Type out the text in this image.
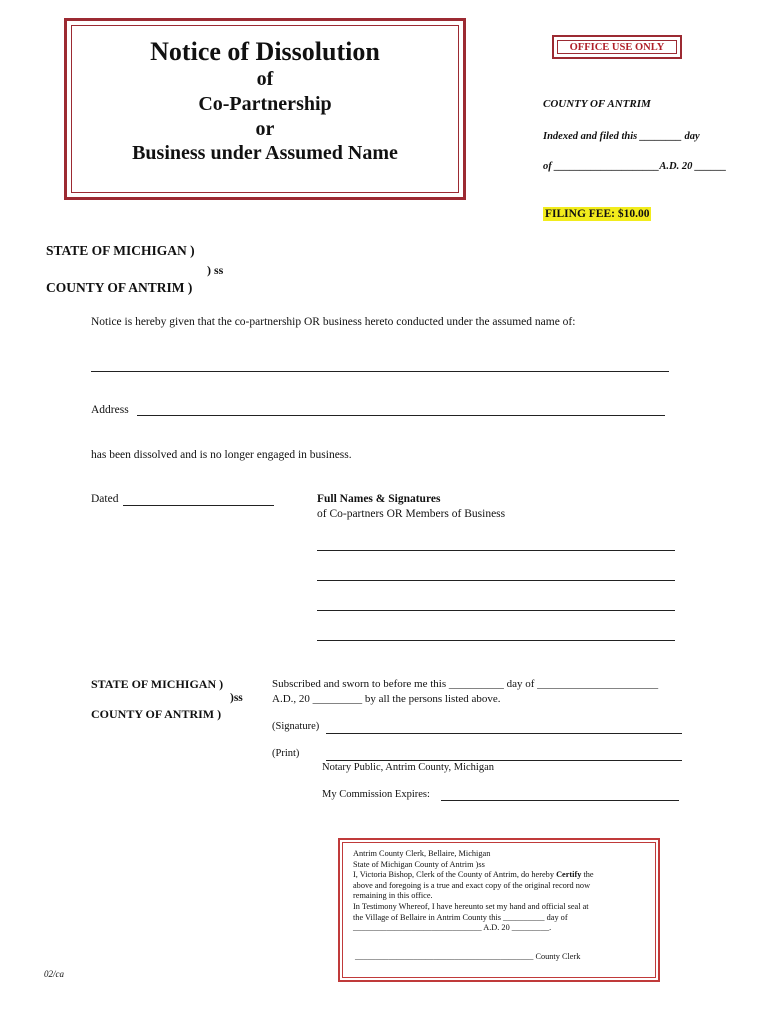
Notice of Dissolution
of
Co-Partnership
or
Business under Assumed Name
OFFICE USE ONLY
COUNTY OF ANTRIM
Indexed and filed this ________ day
of ____________________A.D. 20 ______
FILING FEE: $10.00
STATE OF MICHIGAN )
) ss
COUNTY OF ANTRIM )
Notice is hereby given that the co-partnership OR business hereto conducted under the assumed name of:
Address
has been dissolved and is no longer engaged in business.
Dated	Full Names & Signatures
of Co-partners OR Members of Business
STATE OF MICHIGAN )
)ss
COUNTY OF ANTRIM )
Subscribed and sworn to before me this __________ day of ______________________
A.D., 20 _________ by all the persons listed above.
(Signature)
(Print)
Notary Public, Antrim County, Michigan
My Commission Expires:
Antrim County Clerk, Bellaire, Michigan
State of Michigan County of Antrim )ss
I, Victoria Bishop, Clerk of the County of Antrim, do hereby Certify the
above and foregoing is a true and exact copy of the original record now
remaining in this office.
In Testimony Whereof, I have hereunto set my hand and official seal at
the Village of Bellaire in Antrim County this __________ day of
_______________________________ A.D. 20 _________.
___________________________________________ County Clerk
02/ca
